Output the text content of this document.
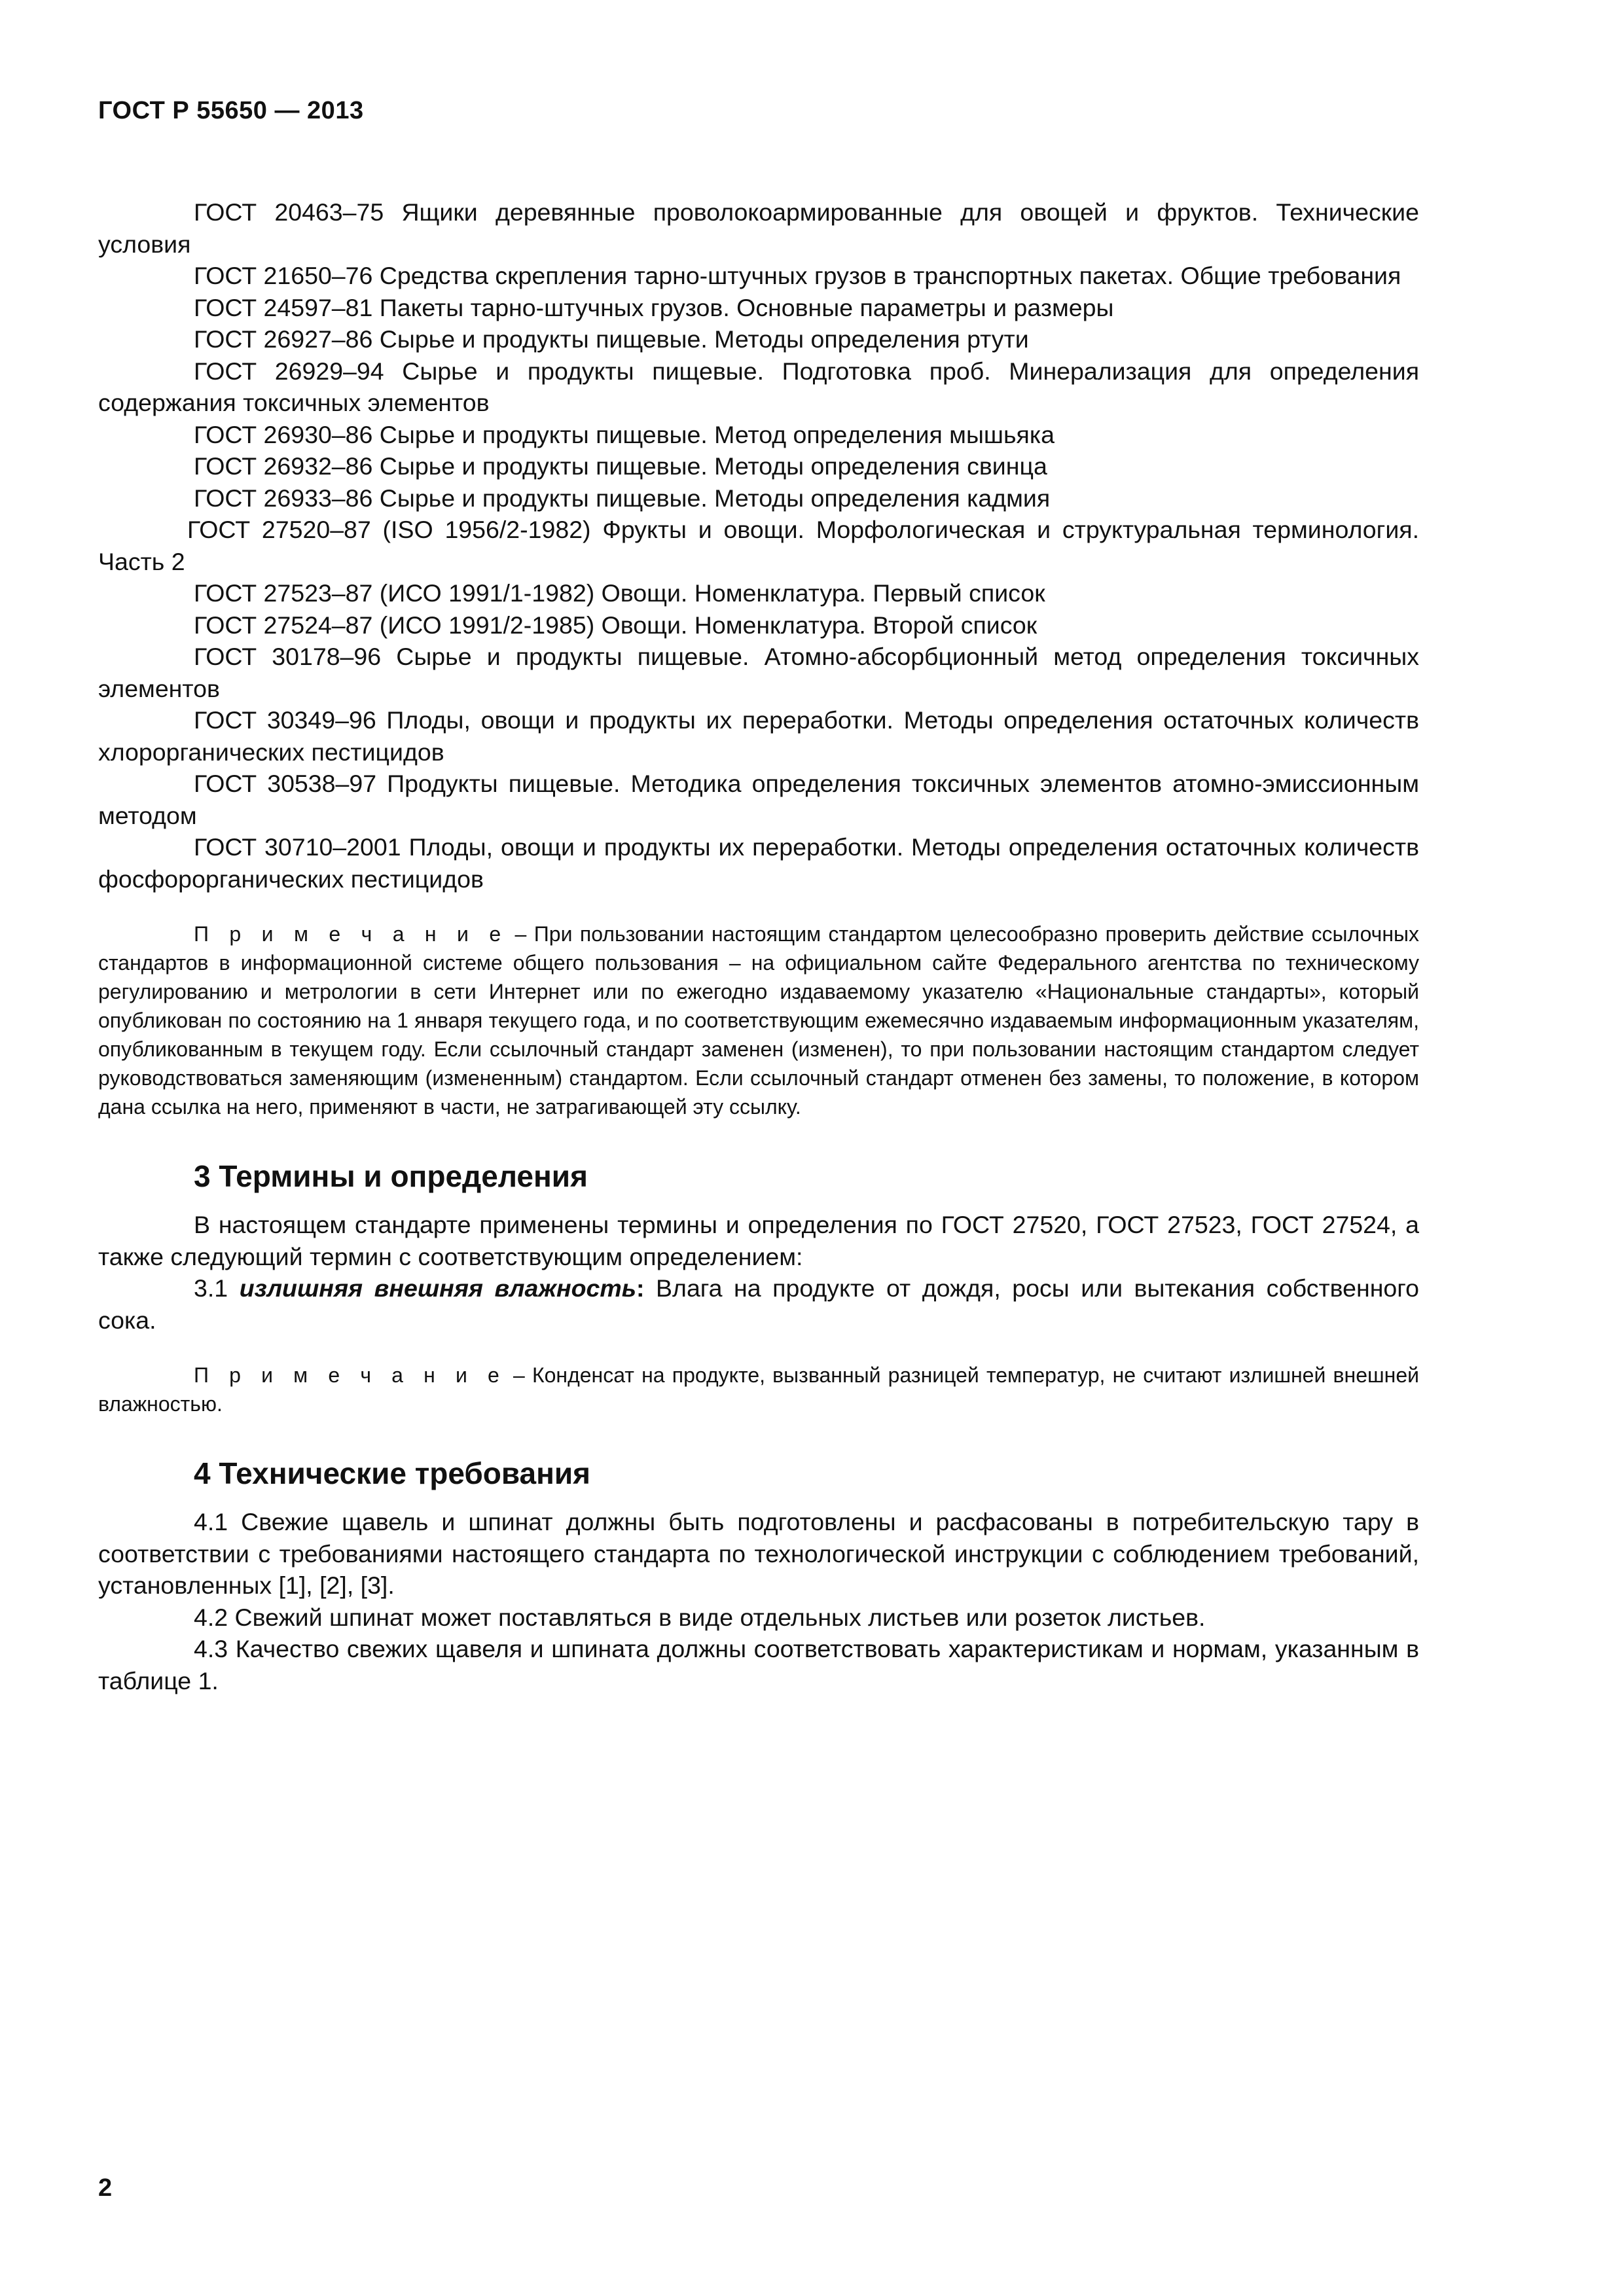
ГОСТ Р 55650 — 2013

ГОСТ 20463–75 Ящики деревянные проволокоармированные для овощей и фруктов. Технические условия

ГОСТ 21650–76 Средства скрепления тарно-штучных грузов в транспортных пакетах. Общие требования

ГОСТ 24597–81 Пакеты тарно-штучных грузов. Основные параметры и размеры

ГОСТ 26927–86 Сырье и продукты пищевые. Методы определения ртути

ГОСТ 26929–94 Сырье и продукты пищевые. Подготовка проб. Минерализация для определения содержания токсичных элементов

ГОСТ 26930–86 Сырье и продукты пищевые. Метод определения мышьяка

ГОСТ 26932–86 Сырье и продукты пищевые. Методы определения свинца

ГОСТ 26933–86 Сырье и продукты пищевые. Методы определения кадмия

ГОСТ 27520–87 (ISO 1956/2-1982) Фрукты и овощи. Морфологическая и структуральная терминология. Часть 2

ГОСТ 27523–87 (ИСО 1991/1-1982) Овощи. Номенклатура. Первый список

ГОСТ 27524–87 (ИСО 1991/2-1985) Овощи. Номенклатура. Второй список

ГОСТ 30178–96 Сырье и продукты пищевые. Атомно-абсорбционный метод определения токсичных элементов

ГОСТ 30349–96 Плоды, овощи и продукты их переработки. Методы определения остаточных количеств хлорорганических пестицидов

ГОСТ 30538–97 Продукты пищевые. Методика определения токсичных элементов атомно-эмиссионным методом

ГОСТ 30710–2001 Плоды, овощи и продукты их переработки. Методы определения остаточных количеств фосфорорганических пестицидов

П р и м е ч а н и е – При пользовании настоящим стандартом целесообразно проверить действие ссылочных стандартов в информационной системе общего пользования – на официальном сайте Федерального агентства по техническому регулированию и метрологии в сети Интернет или по ежегодно издаваемому указателю «Национальные стандарты», который опубликован по состоянию на 1 января текущего года, и по соответствующим ежемесячно издаваемым информационным указателям, опубликованным в текущем году. Если ссылочный стандарт заменен (изменен), то при пользовании настоящим стандартом следует руководствоваться заменяющим (измененным) стандартом. Если ссылочный стандарт отменен без замены, то положение, в котором дана ссылка на него, применяют в части, не затрагивающей эту ссылку.

3 Термины и определения

В настоящем стандарте применены термины и определения по ГОСТ 27520, ГОСТ 27523, ГОСТ 27524, а также следующий термин с соответствующим определением:

3.1 излишняя внешняя влажность: Влага на продукте от дождя, росы или вытекания собственного сока.

П р и м е ч а н и е – Конденсат на продукте, вызванный разницей температур, не считают излишней внешней влажностью.

4 Технические требования

4.1 Свежие щавель и шпинат должны быть подготовлены и расфасованы в потребительскую тару в соответствии с требованиями настоящего стандарта по технологической инструкции с соблюдением требований, установленных [1], [2], [3].

4.2 Свежий шпинат может поставляться в виде отдельных листьев или розеток листьев.

4.3 Качество свежих щавеля и шпината должны соответствовать характеристикам и нормам, указанным в таблице 1.

2
